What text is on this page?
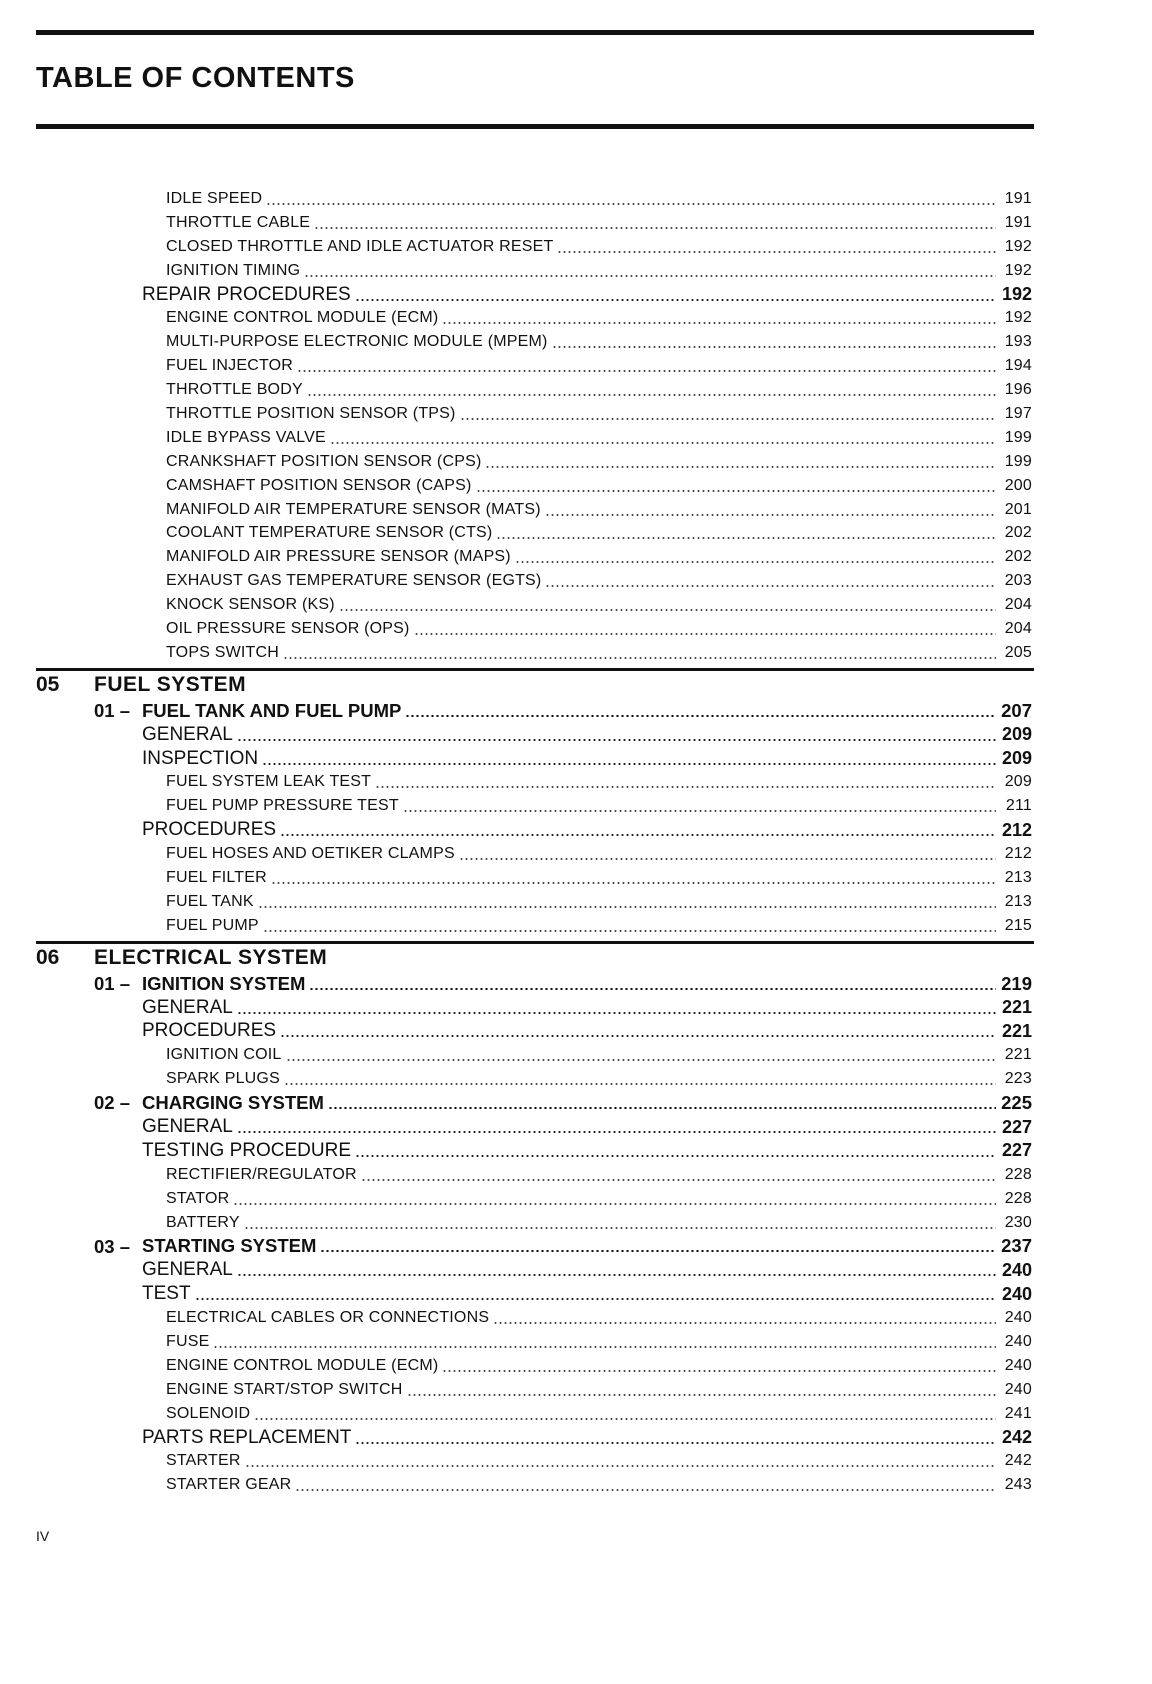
TABLE OF CONTENTS
IDLE SPEED	191
THROTTLE CABLE	191
CLOSED THROTTLE AND IDLE ACTUATOR RESET	192
IGNITION TIMING	192
REPAIR PROCEDURES	192
ENGINE CONTROL MODULE (ECM)	192
MULTI-PURPOSE ELECTRONIC MODULE (MPEM)	193
FUEL INJECTOR	194
THROTTLE BODY	196
THROTTLE POSITION SENSOR (TPS)	197
IDLE BYPASS VALVE	199
CRANKSHAFT POSITION SENSOR (CPS)	199
CAMSHAFT POSITION SENSOR (CAPS)	200
MANIFOLD AIR TEMPERATURE SENSOR (MATS)	201
COOLANT TEMPERATURE SENSOR (CTS)	202
MANIFOLD AIR PRESSURE SENSOR (MAPS)	202
EXHAUST GAS TEMPERATURE SENSOR (EGTS)	203
KNOCK SENSOR (KS)	204
OIL PRESSURE SENSOR (OPS)	204
TOPS SWITCH	205
05 FUEL SYSTEM
01 – FUEL TANK AND FUEL PUMP	207
GENERAL	209
INSPECTION	209
FUEL SYSTEM LEAK TEST	209
FUEL PUMP PRESSURE TEST	211
PROCEDURES	212
FUEL HOSES AND OETIKER CLAMPS	212
FUEL FILTER	213
FUEL TANK	213
FUEL PUMP	215
06 ELECTRICAL SYSTEM
01 – IGNITION SYSTEM	219
GENERAL	221
PROCEDURES	221
IGNITION COIL	221
SPARK PLUGS	223
02 – CHARGING SYSTEM	225
GENERAL	227
TESTING PROCEDURE	227
RECTIFIER/REGULATOR	228
STATOR	228
BATTERY	230
03 – STARTING SYSTEM	237
GENERAL	240
TEST	240
ELECTRICAL CABLES OR CONNECTIONS	240
FUSE	240
ENGINE CONTROL MODULE (ECM)	240
ENGINE START/STOP SWITCH	240
SOLENOID	241
PARTS REPLACEMENT	242
STARTER	242
STARTER GEAR	243
IV
